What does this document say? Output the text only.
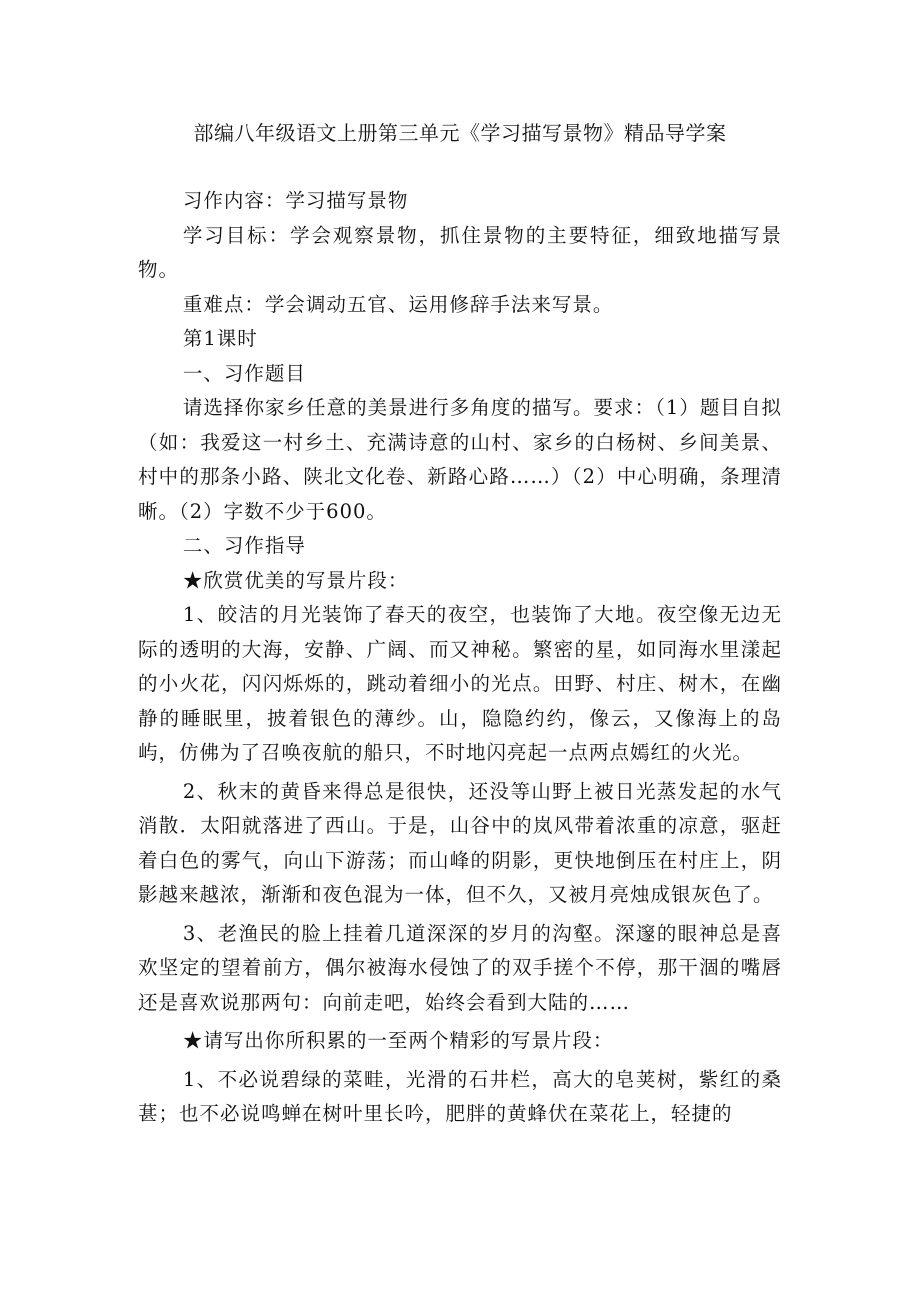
部编八年级语文上册第三单元《学习描写景物》精品导学案

习作内容：学习描写景物

学习目标：学会观察景物，抓住景物的主要特征，细致地描写景物。

重难点：学会调动五官、运用修辞手法来写景。

第1课时

一、习作题目

请选择你家乡任意的美景进行多角度的描写。要求：（1）题目自拟（如：我爱这一村乡土、充满诗意的山村、家乡的白杨树、乡间美景、村中的那条小路、陕北文化卷、新路心路……）（2）中心明确，条理清晰。（2）字数不少于600。

二、习作指导

★欣赏优美的写景片段：

1、皎洁的月光装饰了春天的夜空，也装饰了大地。夜空像无边无际的透明的大海，安静、广阔、而又神秘。繁密的星，如同海水里漾起的小火花，闪闪烁烁的，跳动着细小的光点。田野、村庄、树木，在幽静的睡眠里，披着银色的薄纱。山，隐隐约约，像云，又像海上的岛屿，仿佛为了召唤夜航的船只，不时地闪亮起一点两点嫣红的火光。

2、秋末的黄昏来得总是很快，还没等山野上被日光蒸发起的水气消散．太阳就落进了西山。于是，山谷中的岚风带着浓重的凉意，驱赶着白色的雾气，向山下游荡；而山峰的阴影，更快地倒压在村庄上，阴影越来越浓，渐渐和夜色混为一体，但不久，又被月亮烛成银灰色了。

3、老渔民的脸上挂着几道深深的岁月的沟壑。深邃的眼神总是喜欢坚定的望着前方，偶尔被海水侵蚀了的双手搓个不停，那干涸的嘴唇还是喜欢说那两句：向前走吧，始终会看到大陆的……

★请写出你所积累的一至两个精彩的写景片段：

1、不必说碧绿的菜畦，光滑的石井栏，高大的皂荚树，紫红的桑葚；也不必说鸣蝉在树叶里长吟，肥胖的黄蜂伏在菜花上，轻捷的
